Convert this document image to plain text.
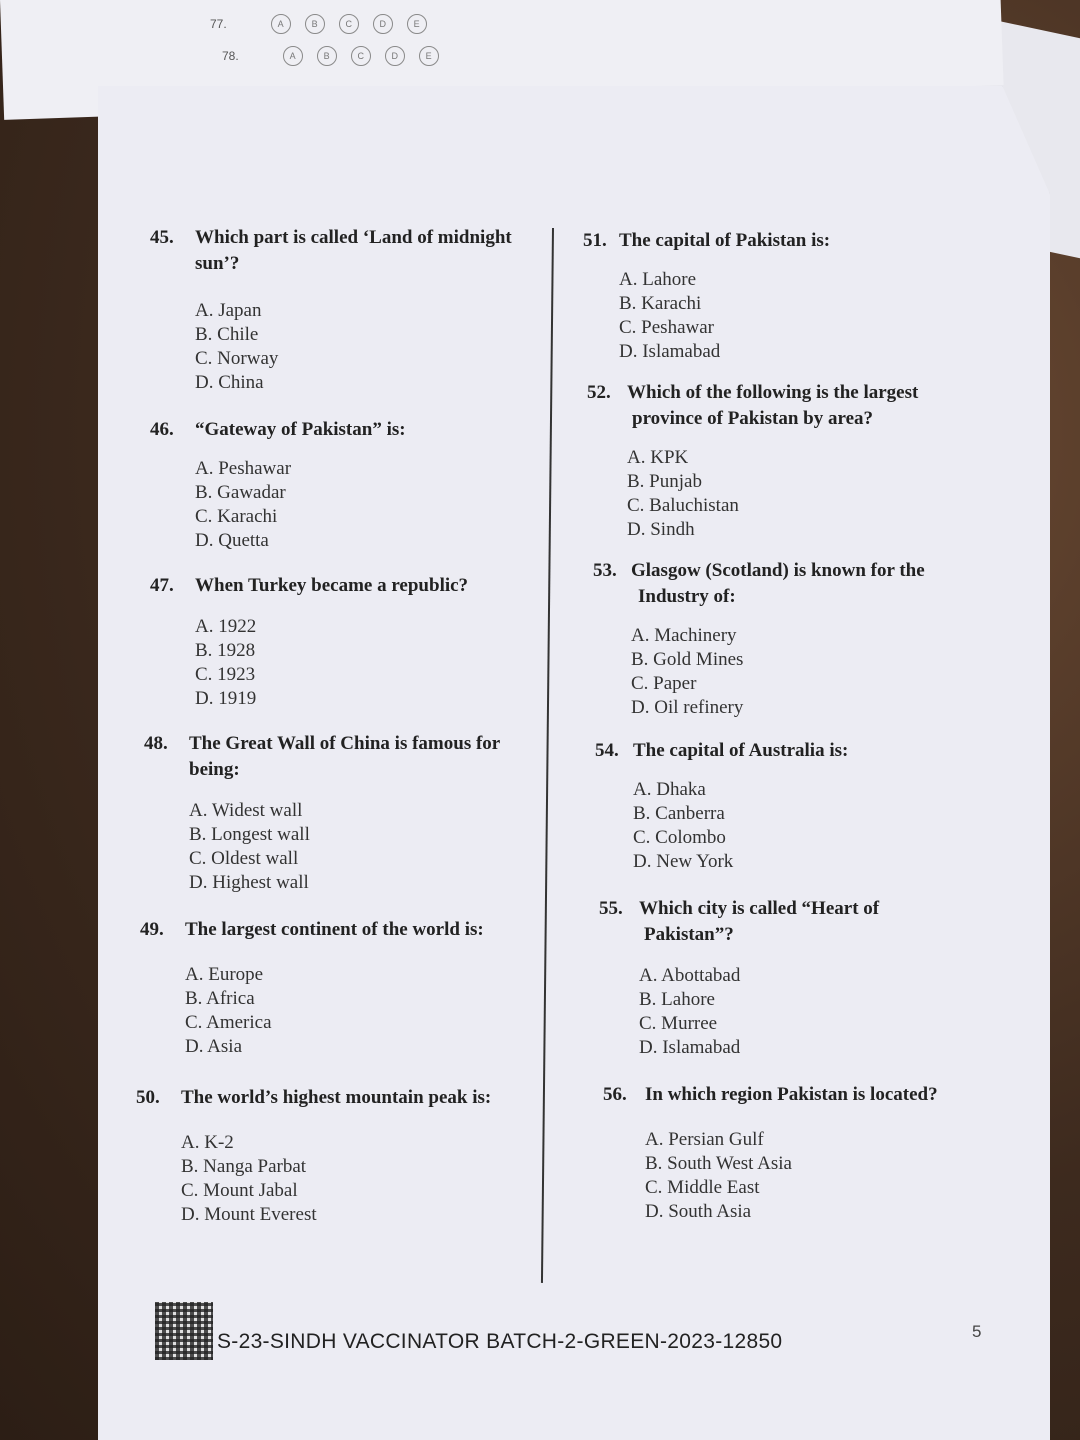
77.	A	B	C	D	E
78.	A	B	C	D	E

45. Which part is called ‘Land of midnight sun’?

A. Japan
B. Chile
C. Norway
D. China

46. “Gateway of Pakistan” is:

A. Peshawar
B. Gawadar
C. Karachi
D. Quetta

47. When Turkey became a republic?

A. 1922
B. 1928
C. 1923
D. 1919

48. The Great Wall of China is famous for being:

A. Widest wall
B. Longest wall
C. Oldest wall
D. Highest wall

49. The largest continent of the world is:

A. Europe
B. Africa
C. America
D. Asia

50. The world’s highest mountain peak is:

A. K-2
B. Nanga Parbat
C. Mount Jabal
D. Mount Everest

51. The capital of Pakistan is:

A. Lahore
B. Karachi
C. Peshawar
D. Islamabad

52. Which of the following is the largest province of Pakistan by area?

A. KPK
B. Punjab
C. Baluchistan
D. Sindh

53. Glasgow (Scotland) is known for the Industry of:

A. Machinery
B. Gold Mines
C. Paper
D. Oil refinery

54. The capital of Australia is:

A. Dhaka
B. Canberra
C. Colombo
D. New York

55. Which city is called “Heart of Pakistan”?

A. Abottabad
B. Lahore
C. Murree
D. Islamabad

56. In which region Pakistan is located?

A. Persian Gulf
B. South West Asia
C. Middle East
D. South Asia
S-23-SINDH VACCINATOR BATCH-2-GREEN-2023-12850	5
